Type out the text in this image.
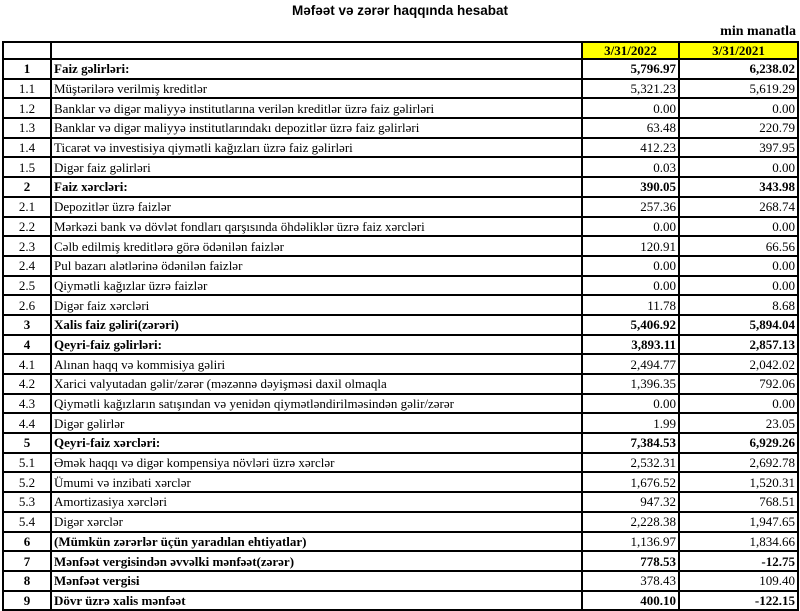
Məfəət və zərər haqqında hesabat
min manatla
		3/31/2022	3/31/2021
1	Faiz gəlirləri:	5,796.97	6,238.02
1.1	Müştərilərə verilmiş kreditlər	5,321.23	5,619.29
1.2	Banklar və digər maliyyə institutlarına verilən kreditlər üzrə faiz gəlirləri	0.00	0.00
1.3	Banklar və digər maliyyə institutlarındakı depozitlər üzrə faiz gəlirləri	63.48	220.79
1.4	Ticarət və investisiya qiymətli kağızları üzrə faiz gəlirləri	412.23	397.95
1.5	Digər faiz gəlirləri	0.03	0.00
2	Faiz xərcləri:	390.05	343.98
2.1	Depozitlər üzrə faizlər	257.36	268.74
2.2	Mərkəzi bank və dövlət fondları qarşısında öhdəliklər üzrə faiz xərcləri	0.00	0.00
2.3	Cəlb edilmiş kreditlərə görə ödənilən faizlər	120.91	66.56
2.4	Pul bazarı alətlərinə ödənilən faizlər	0.00	0.00
2.5	Qiymətli kağızlar üzrə faizlər	0.00	0.00
2.6	Digər faiz xərcləri	11.78	8.68
3	Xalis faiz gəliri(zərəri)	5,406.92	5,894.04
4	Qeyri-faiz gəlirləri:	3,893.11	2,857.13
4.1	Alınan haqq və kommisiya gəliri	2,494.77	2,042.02
4.2	Xarici valyutadan gəlir/zərər (məzənnə dəyişməsi daxil olmaqla	1,396.35	792.06
4.3	Qiymətli kağızların satışından və yenidən qiymətləndirilməsindən gəlir/zərər	0.00	0.00
4.4	Digər gəlirlər	1.99	23.05
5	Qeyri-faiz xərcləri:	7,384.53	6,929.26
5.1	Əmək haqqı və digər kompensiya növləri üzrə xərclər	2,532.31	2,692.78
5.2	Ümumi və inzibati xərclər	1,676.52	1,520.31
5.3	Amortizasiya xərcləri	947.32	768.51
5.4	Digər xərclər	2,228.38	1,947.65
6	(Mümkün zərərlər üçün yaradılan ehtiyatlar)	1,136.97	1,834.66
7	Mənfəət vergisindən əvvəlki mənfəət(zərər)	778.53	-12.75
8	Mənfəət vergisi	378.43	109.40
9	Dövr üzrə xalis mənfəət	400.10	-122.15
